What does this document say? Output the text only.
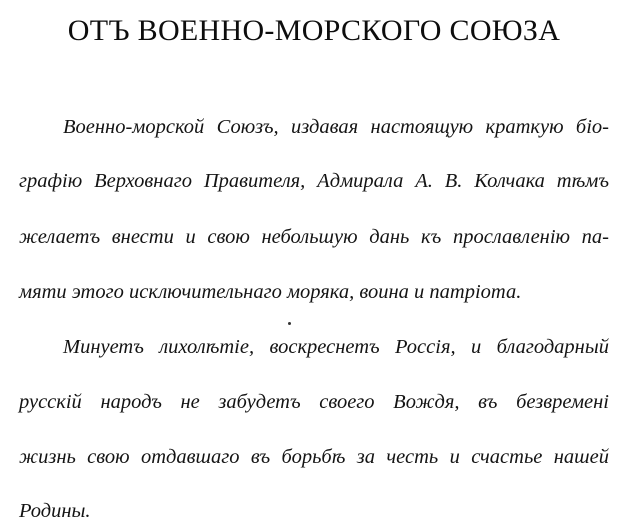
ОТЪ ВОЕННО-МОРСКОГО СОЮЗА
Военно-морской Союзъ, издавая настоящую краткую біо-
графію Верховнаго Правителя, Адмирала А. В. Колчака тѣмъ
желаетъ внести и свою небольшую дань къ прославленію па-
мяти этого исключительнаго моряка, воина и патріота.
Минуетъ лихолѣтіе, воскреснетъ Россія, и благодарный
русскій народъ не забудетъ своего Вождя, въ безвремені
жизнь свою отдавшаго въ борьбѣ за честь и счастье нашей
Родины.
